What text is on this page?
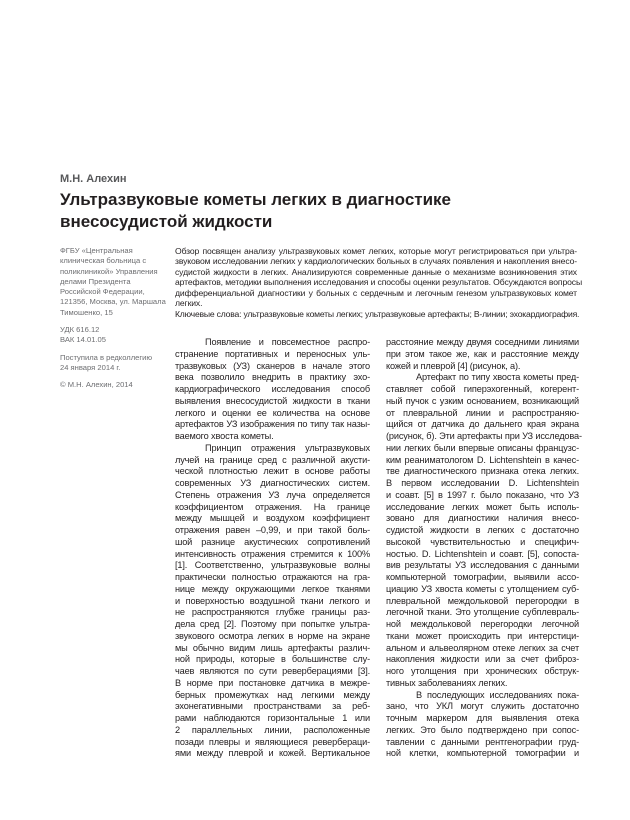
М.Н. Алехин
Ультразвуковые кометы легких в диагностике
внесосудистой жидкости
ФГБУ «Центральная
клиническая больница с
поликлиникой» Управления
делами Президента
Российской Федерации,
121356, Москва, ул. Маршала
Тимошенко, 15
УДК 616.12
ВАК 14.01.05
Поступила в редколлегию
24 января 2014 г.
© М.Н. Алехин, 2014
Обзор посвящен анализу ультразвуковых комет легких, которые могут регистрироваться при ультра-
звуковом исследовании легких у кардиологических больных в случаях появления и накопления внесо-
судистой жидкости в легких. Анализируются современные данные о механизме возникновения этих
артефактов, методики выполнения исследования и способы оценки результатов. Обсуждаются вопросы
дифференциальной диагностики у больных с сердечным и легочным генезом ультразвуковых комет
легких.
Ключевые слова: ультразвуковые кометы легких; ультразвуковые артефакты; В-линии; эхокардиография.
Появление и повсеместное распро-
странение портативных и переносных уль-
тразвуковых (УЗ) сканеров в начале этого
века позволило внедрить в практику эхо-
кардиографического исследования способ
выявления внесосудистой жидкости в ткани
легкого и оценки ее количества на основе
артефактов УЗ изображения по типу так назы-
ваемого хвоста кометы.
Принцип отражения ультразвуковых
лучей на границе сред с различной акусти-
ческой плотностью лежит в основе работы
современных УЗ диагностических систем.
Степень отражения УЗ луча определяется
коэффициентом отражения. На границе
между мышцей и воздухом коэффициент
отражения равен –0,99, и при такой боль-
шой разнице акустических сопротивлений
интенсивность отражения стремится к 100%
[1]. Соответственно, ультразвуковые волны
практически полностью отражаются на гра-
нице между окружающими легкое тканями
и поверхностью воздушной ткани легкого и
не распространяются глубже границы раз-
дела сред [2]. Поэтому при попытке ультра-
звукового осмотра легких в норме на экране
мы обычно видим лишь артефакты различ-
ной природы, которые в большинстве слу-
чаев являются по сути реверберациями [3].
В норме при постановке датчика в межре-
берных промежутках над легкими между
эхонегативными пространствами за реб-
рами наблюдаются горизонтальные 1 или
2 параллельных линии, расположенные
позади плевры и являющиеся ревербераци-
ями между плеврой и кожей. Вертикальное
расстояние между двумя соседними линиями
при этом такое же, как и расстояние между
кожей и плеврой [4] (рисунок, а).
Артефакт по типу хвоста кометы пред-
ставляет собой гиперэхогенный, когерент-
ный пучок с узким основанием, возникающий
от плевральной линии и распространяю-
щийся от датчика до дальнего края экрана
(рисунок, б). Эти артефакты при УЗ исследова-
нии легких были впервые описаны французс-
ким реаниматологом D. Lichtenshtein в качес-
тве диагностического признака отека легких.
В первом исследовании D. Lichtenshtein
и соавт. [5] в 1997 г. было показано, что УЗ
исследование легких может быть исполь-
зовано для диагностики наличия внесо-
судистой жидкости в легких с достаточно
высокой чувствительностью и специфич-
ностью. D. Lichtenshtein и соавт. [5], сопоста-
вив результаты УЗ исследования с данными
компьютерной томографии, выявили ассо-
циацию УЗ хвоста кометы с утолщением суб-
плевральной междольковой перегородки в
легочной ткани. Это утолщение субплевраль-
ной междольковой перегородки легочной
ткани может происходить при интерстици-
альном и альвеолярном отеке легких за счет
накопления жидкости или за счет фиброз-
ного утолщения при хронических обструк-
тивных заболеваниях легких.
В последующих исследованиях пока-
зано, что УКЛ могут служить достаточно
точным маркером для выявления отека
легких. Это было подтверждено при сопос-
тавлении с данными рентгенографии груд-
ной клетки, компьютерной томографии и
